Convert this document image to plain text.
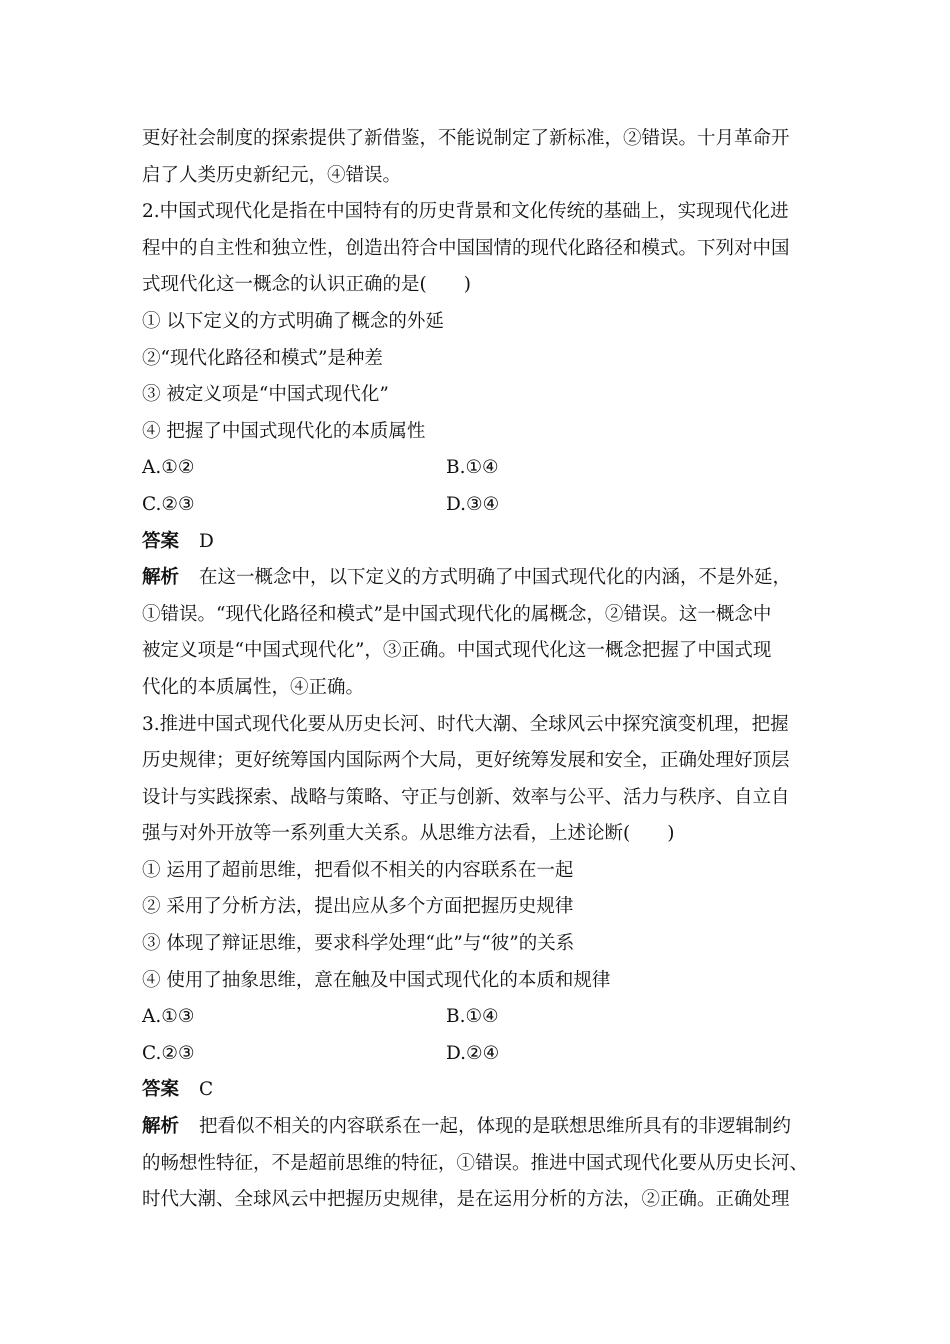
更好社会制度的探索提供了新借鉴，不能说制定了新标准，②错误。十月革命开
启了人类历史新纪元，④错误。
2.中国式现代化是指在中国特有的历史背景和文化传统的基础上，实现现代化进
程中的自主性和独立性，创造出符合中国国情的现代化路径和模式。下列对中国
式现代化这一概念的认识正确的是(　　)
① 以下定义的方式明确了概念的外延
②“现代化路径和模式”是种差
③ 被定义项是“中国式现代化”
④ 把握了中国式现代化的本质属性
A.①②	B.①④
C.②③	D.③④
答案 D
解析 在这一概念中，以下定义的方式明确了中国式现代化的内涵，不是外延，
①错误。“现代化路径和模式”是中国式现代化的属概念，②错误。这一概念中
被定义项是“中国式现代化”，③正确。中国式现代化这一概念把握了中国式现
代化的本质属性，④正确。
3.推进中国式现代化要从历史长河、时代大潮、全球风云中探究演变机理，把握
历史规律；更好统筹国内国际两个大局，更好统筹发展和安全，正确处理好顶层
设计与实践探索、战略与策略、守正与创新、效率与公平、活力与秩序、自立自
强与对外开放等一系列重大关系。从思维方法看，上述论断(　　)
① 运用了超前思维，把看似不相关的内容联系在一起
② 采用了分析方法，提出应从多个方面把握历史规律
③ 体现了辩证思维，要求科学处理“此”与“彼”的关系
④ 使用了抽象思维，意在触及中国式现代化的本质和规律
A.①③	B.①④
C.②③	D.②④
答案 C
解析 把看似不相关的内容联系在一起，体现的是联想思维所具有的非逻辑制约
的畅想性特征，不是超前思维的特征，①错误。推进中国式现代化要从历史长河、
时代大潮、全球风云中把握历史规律，是在运用分析的方法，②正确。正确处理
